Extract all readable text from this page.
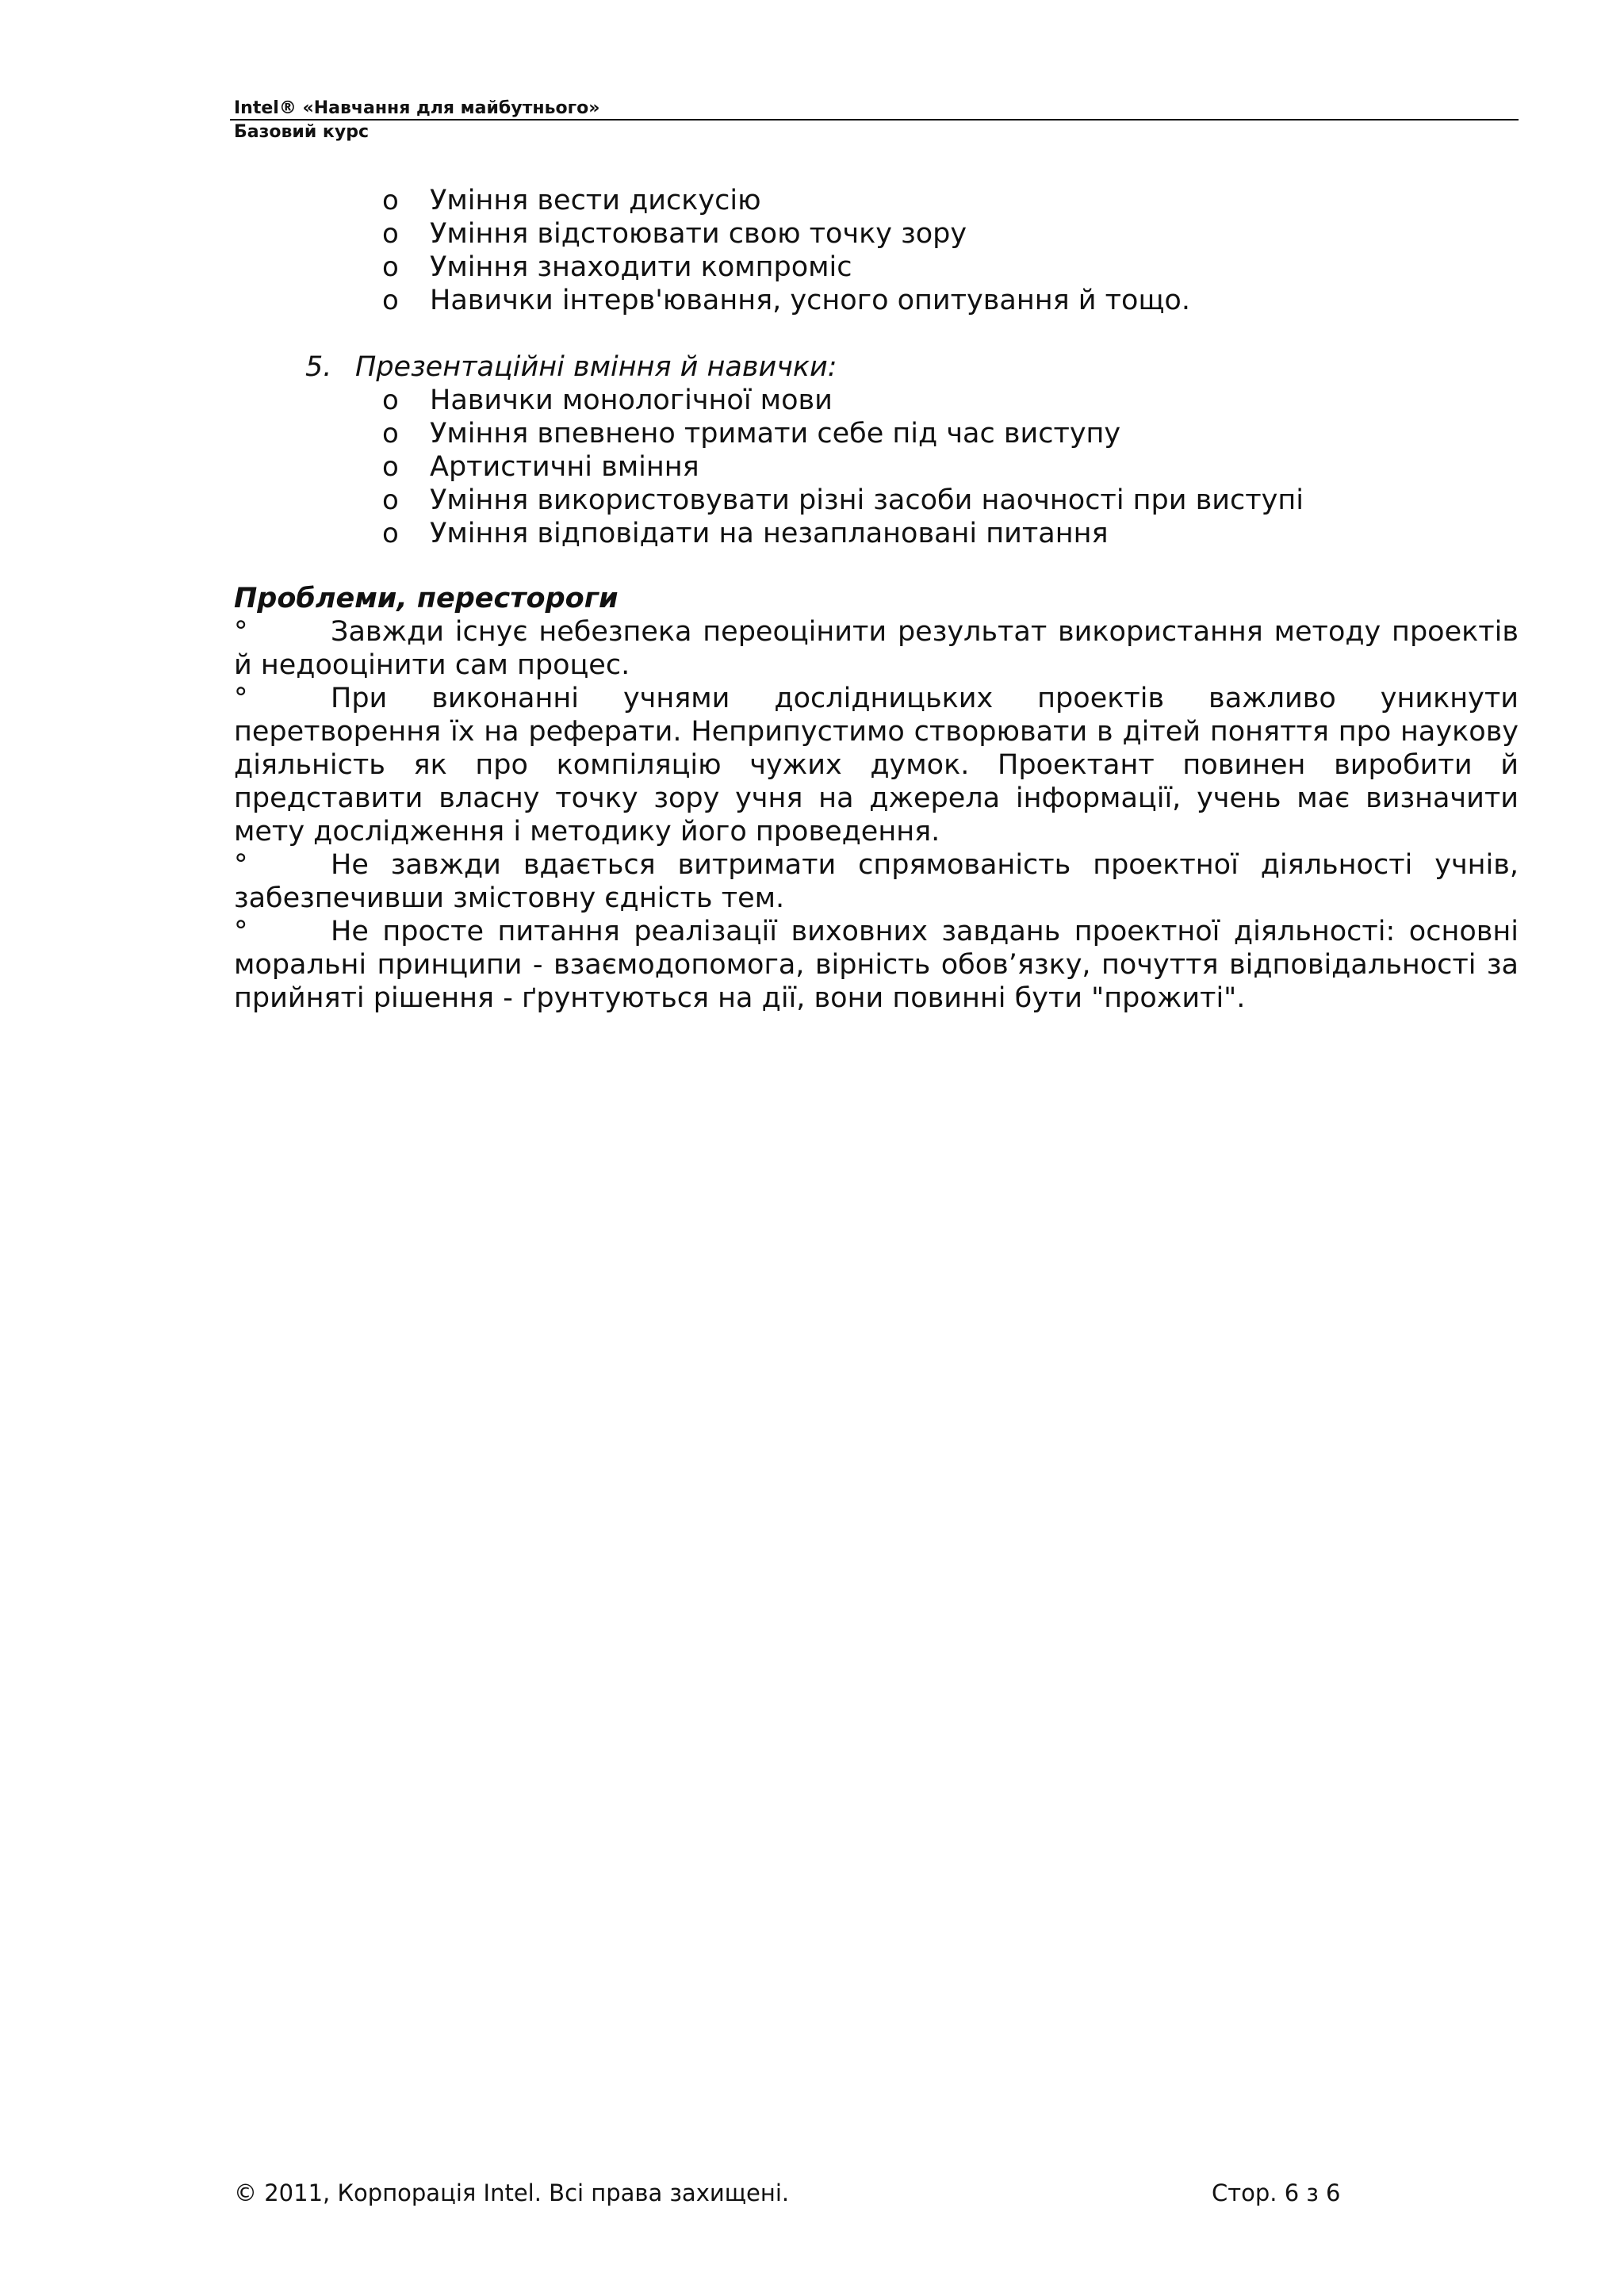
Intel® «Навчання для майбутнього»
Базовий курс
o Уміння вести дискусію
o Уміння відстоювати свою точку зору
o Уміння знаходити компроміс
o Навички інтерв'ювання, усного опитування й тощо.
5. Презентаційні вміння й навички:
o Навички монологічної мови
o Уміння впевнено тримати себе під час виступу
o Артистичні вміння
o Уміння використовувати різні засоби наочності при виступі
o Уміння відповідати на незаплановані питання
Проблеми, перестороги

°	Завжди існує небезпека переоцінити результат використання методу проектів й недооцінити сам процес.

°	При виконанні учнями дослідницьких проектів важливо уникнути перетворення їх на реферати. Неприпустимо створювати в дітей поняття про наукову діяльність як про компіляцію чужих думок. Проектант повинен виробити й представити власну точку зору учня на джерела інформації, учень має визначити мету дослідження і методику його проведення.

°	Не завжди вдається витримати спрямованість проектної діяльності учнів, забезпечивши змістовну єдність тем.

°	Не просте питання реалізації виховних завдань проектної діяльності: основні моральні принципи - взаємодопомога, вірність обов’язку, почуття відповідальності за прийняті рішення - ґрунтуються на дії, вони повинні бути "прожиті".

© 2011, Корпорація Intel. Всі права захищені.	Стор. 6 з 6
